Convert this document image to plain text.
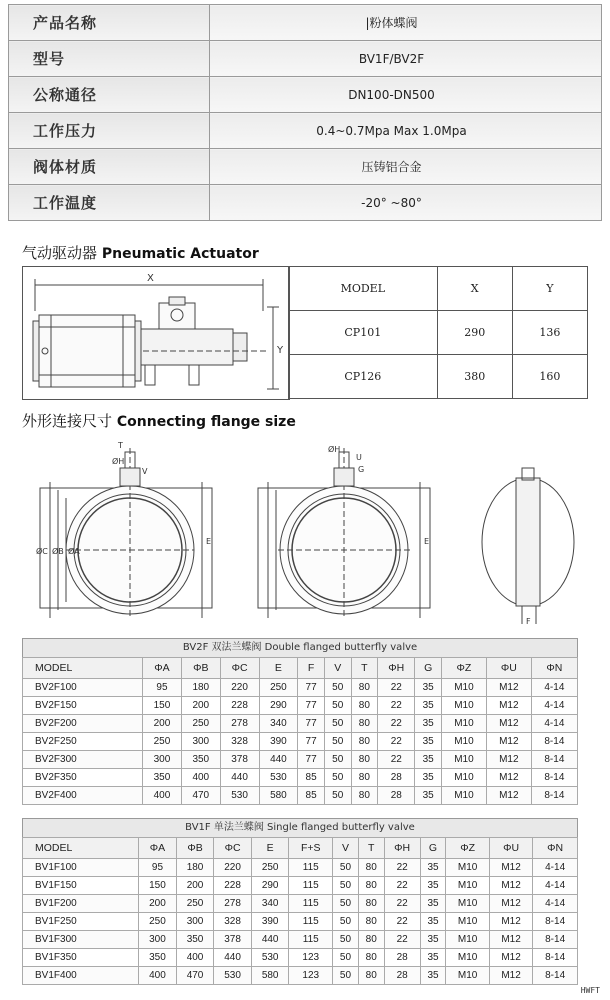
产品名称	|粉体蝶阀
型号	BV1F/BV2F
公称通径	DN100-DN500
工作压力	0.4~0.7Mpa Max 1.0Mpa
阀体材质	压铸铝合金
工作温度	-20° ~80°
气动驱动器 Pneumatic Actuator
X
Y
MODEL	X	Y
CP101	290	136
CP126	380	160
外形连接尺寸 Connecting flange size
T
ØH
V
ØC ØB ØA
E
ØH
U
G
E
F
BV2F 双法兰蝶阀 Double flanged butterfly valve
MODEL	ΦA	ΦB	ΦC	E	F	V	T	ΦH	G	ΦZ	ΦU	ΦN
BV2F100	95	180	220	250	77	50	80	22	35	M10	M12	4-14
BV2F150	150	200	228	290	77	50	80	22	35	M10	M12	4-14
BV2F200	200	250	278	340	77	50	80	22	35	M10	M12	4-14
BV2F250	250	300	328	390	77	50	80	22	35	M10	M12	8-14
BV2F300	300	350	378	440	77	50	80	22	35	M10	M12	8-14
BV2F350	350	400	440	530	85	50	80	28	35	M10	M12	8-14
BV2F400	400	470	530	580	85	50	80	28	35	M10	M12	8-14
BV1F 单法兰蝶阀 Single flanged butterfly valve
MODEL	ΦA	ΦB	ΦC	E	F+S	V	T	ΦH	G	ΦZ	ΦU	ΦN
BV1F100	95	180	220	250	115	50	80	22	35	M10	M12	4-14
BV1F150	150	200	228	290	115	50	80	22	35	M10	M12	4-14
BV1F200	200	250	278	340	115	50	80	22	35	M10	M12	4-14
BV1F250	250	300	328	390	115	50	80	22	35	M10	M12	8-14
BV1F300	300	350	378	440	115	50	80	22	35	M10	M12	8-14
BV1F350	350	400	440	530	123	50	80	28	35	M10	M12	8-14
BV1F400	400	470	530	580	123	50	80	28	35	M10	M12	8-14
HWFT
